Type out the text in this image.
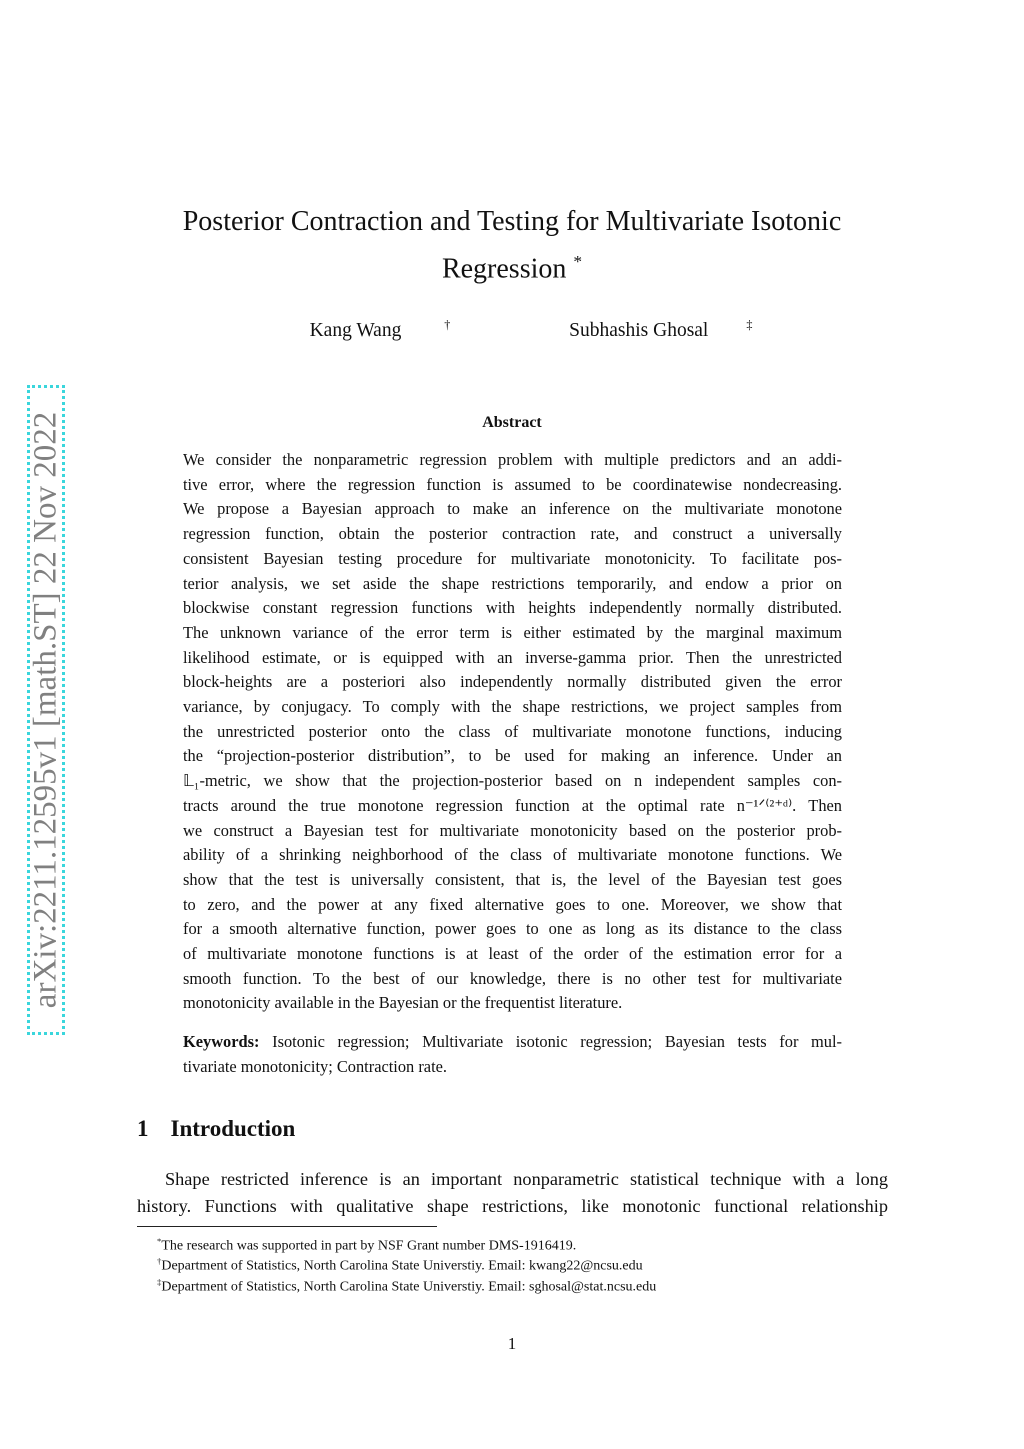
arXiv:2211.12595v1 [math.ST] 22 Nov 2022
Posterior Contraction and Testing for Multivariate Isotonic
Regression *
Kang Wang	†	Subhashis Ghosal	‡
Abstract
We consider the nonparametric regression problem with multiple predictors and an addi-
tive error, where the regression function is assumed to be coordinatewise nondecreasing.
We propose a Bayesian approach to make an inference on the multivariate monotone
regression function, obtain the posterior contraction rate, and construct a universally
consistent Bayesian testing procedure for multivariate monotonicity. To facilitate pos-
terior analysis, we set aside the shape restrictions temporarily, and endow a prior on
blockwise constant regression functions with heights independently normally distributed.
The unknown variance of the error term is either estimated by the marginal maximum
likelihood estimate, or is equipped with an inverse-gamma prior. Then the unrestricted
block-heights are a posteriori also independently normally distributed given the error
variance, by conjugacy. To comply with the shape restrictions, we project samples from
the unrestricted posterior onto the class of multivariate monotone functions, inducing
the “projection-posterior distribution”, to be used for making an inference. Under an
𝕃₁-metric, we show that the projection-posterior based on n independent samples con-
tracts around the true monotone regression function at the optimal rate n⁻¹ᐟ⁽²⁺ᵈ⁾. Then
we construct a Bayesian test for multivariate monotonicity based on the posterior prob-
ability of a shrinking neighborhood of the class of multivariate monotone functions. We
show that the test is universally consistent, that is, the level of the Bayesian test goes
to zero, and the power at any fixed alternative goes to one. Moreover, we show that
for a smooth alternative function, power goes to one as long as its distance to the class
of multivariate monotone functions is at least of the order of the estimation error for a
smooth function. To the best of our knowledge, there is no other test for multivariate
monotonicity available in the Bayesian or the frequentist literature.
Keywords: Isotonic regression; Multivariate isotonic regression; Bayesian tests for mul-
tivariate monotonicity; Contraction rate.
1 Introduction
Shape restricted inference is an important nonparametric statistical technique with a long
history. Functions with qualitative shape restrictions, like monotonic functional relationship
*The research was supported in part by NSF Grant number DMS-1916419.
†Department of Statistics, North Carolina State Universtiy. Email: kwang22@ncsu.edu
‡Department of Statistics, North Carolina State Universtiy. Email: sghosal@stat.ncsu.edu
1
